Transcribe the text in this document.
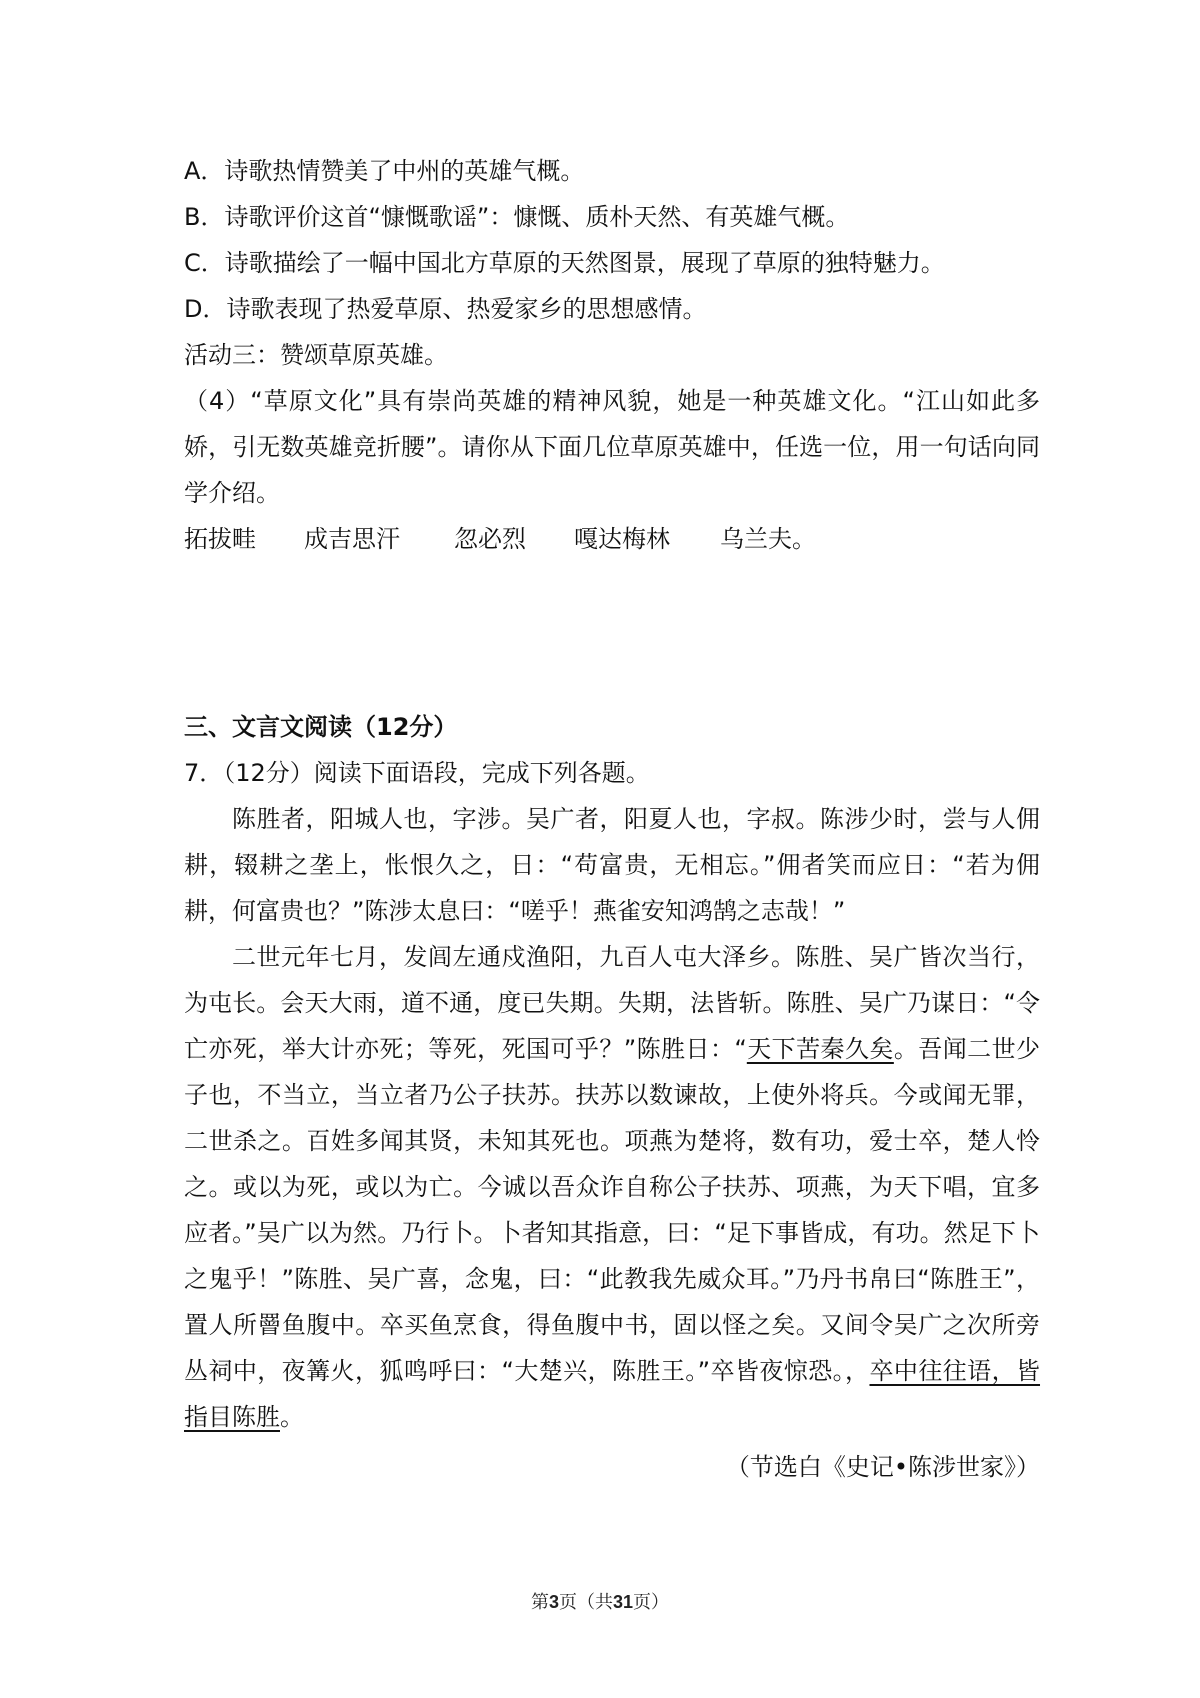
A．诗歌热情赞美了中州的英雄气概。

B．诗歌评价这首“慷慨歌谣”：慷慨、质朴天然、有英雄气概。

C．诗歌描绘了一幅中国北方草原的天然图景，展现了草原的独特魅力。

D．诗歌表现了热爱草原、热爱家乡的思想感情。

活动三：赞颂草原英雄。

（4）“草原文化”具有崇尚英雄的精神风貌，她是一种英雄文化。“江山如此多娇，引无数英雄竞折腰”。请你从下面几位草原英雄中，任选一位，用一句话向同学介绍。

拓拔畦	成吉思汗	忽必烈	嘎达梅林	乌兰夫。

三、文言文阅读（12分）

7．（12分）阅读下面语段，完成下列各题。

陈胜者，阳城人也，字涉。吴广者，阳夏人也，字叔。陈涉少时，尝与人佣耕，辍耕之垄上，怅恨久之，日：“苟富贵，无相忘。”佣者笑而应日：“若为佣耕，何富贵也？”陈涉太息曰：“嗟乎！燕雀安知鸿鹄之志哉！”

二世元年七月，发闾左通戍渔阳，九百人屯大泽乡。陈胜、吴广皆次当行，为屯长。会天大雨，道不通，度已失期。失期，法皆斩。陈胜、吴广乃谋日：“令亡亦死，举大计亦死；等死，死国可乎？”陈胜日：“天下苦秦久矣。吾闻二世少子也，不当立，当立者乃公子扶苏。扶苏以数谏故，上使外将兵。今或闻无罪，二世杀之。百姓多闻其贤，未知其死也。项燕为楚将，数有功，爱士卒，楚人怜之。或以为死，或以为亡。今诚以吾众诈自称公子扶苏、项燕，为天下唱，宜多应者。”吴广以为然。乃行卜。卜者知其指意，曰：“足下事皆成，有功。然足下卜之鬼乎！”陈胜、吴广喜，念鬼，曰：“此教我先威众耳。”乃丹书帛曰“陈胜王”，置人所罾鱼腹中。卒买鱼烹食，得鱼腹中书，固以怪之矣。又间令吴广之次所旁丛祠中，夜篝火，狐鸣呼曰：“大楚兴，陈胜王。”卒皆夜惊恐。，卒中往往语，皆指目陈胜。

（节选白《史记•陈涉世家》）

第3页（共31页）
